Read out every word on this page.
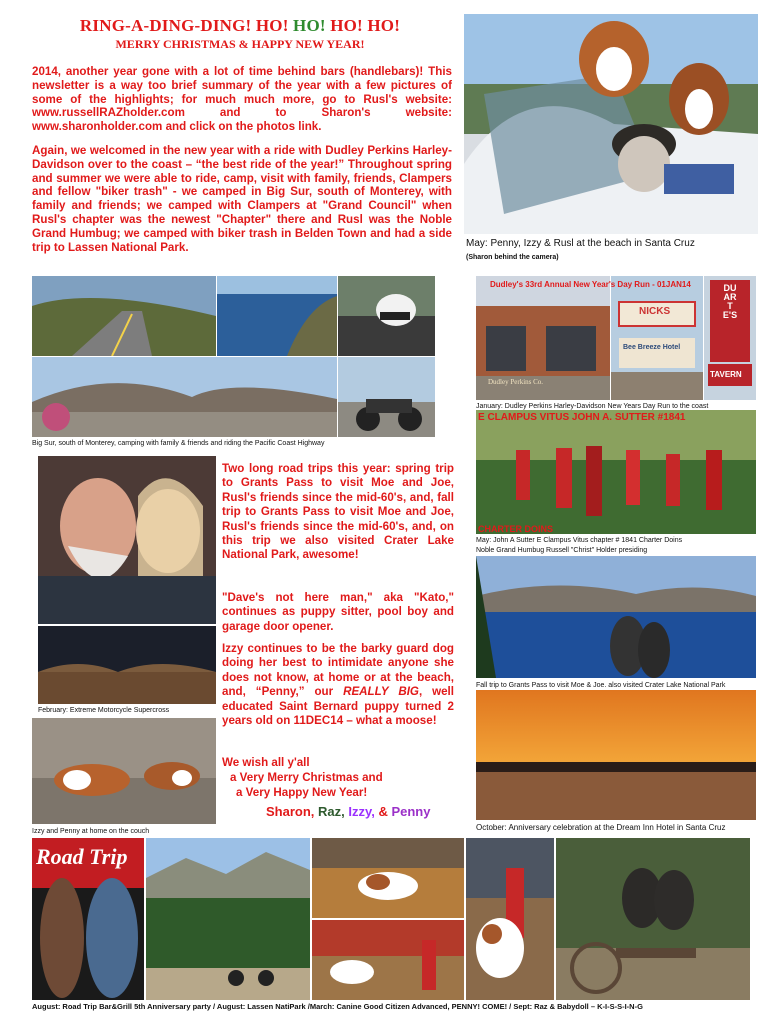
RING-A-DING-DING! HO! HO! HO! HO!
MERRY CHRISTMAS & HAPPY NEW YEAR!
2014, another year gone with a lot of time behind bars (handlebars)! This newsletter is a way too brief summary of the year with a few pictures of some of the highlights; for much much more, go to Rusl's website: www.russellRAZholder.com and to Sharon's website: www.sharonholder.com and click on the photos link.
Again, we welcomed in the new year with a ride with Dudley Perkins Harley-Davidson over to the coast – “the best ride of the year!” Throughout spring and summer we were able to ride, camp, visit with family, friends, Clampers and fellow "biker trash" - we camped in Big Sur, south of Monterey, with family and friends; we camped with Clampers at "Grand Council" when Rusl's chapter was the newest "Chapter" there and Rusl was the Noble Grand Humbug; we camped with biker trash in Belden Town and had a side trip to Lassen National Park.	May: Penny, Izzy & Rusl at the beach in Santa Cruz
(Sharon behind the camera)
Big Sur, south of Monterey, camping with family & friends and riding the Pacific Coast Highway
Dudley Perkins Co.
NICKS
Bee Breeze Hotel
DUARTE'S
TAVERN
Dudley's 33rd Annual New Year's Day Run - 01JAN14
January: Dudley Perkins Harley-Davidson New Years Day Run to the coast
E CLAMPUS VITUS JOHN A. SUTTER #1841
CHARTER DOINS
May: John A Sutter E Clampus Vitus chapter # 1841 Charter Doins
Noble Grand Humbug Russell "Christ" Holder presiding
February: Extreme Motorcycle Supercross
Izzy and Penny at home on the couch
Two long road trips this year: spring trip to Grants Pass to visit Moe and Joe, Rusl's friends since the mid-60's, and, fall trip to Grants Pass to visit Moe and Joe, Rusl's friends since the mid-60's, and, on this trip we also visited Crater Lake National Park, awesome!
"Dave's not here man," aka "Kato," continues as puppy sitter, pool boy and garage door opener.
Izzy continues to be the barky guard dog doing her best to intimidate anyone she does not know, at home or at the beach, and, “Penny,” our REALLY BIG, well educated Saint Bernard puppy turned 2 years old on 11DEC14 – what a moose!
We wish all y'all
a Very Merry Christmas and
a Very Happy New Year!
Sharon, Raz, Izzy, & Penny
Fall trip to Grants Pass to visit Moe & Joe. also visited Crater Lake National Park
October: Anniversary celebration at the Dream Inn Hotel in Santa Cruz
Road Trip
August: Road Trip Bar&Grill 5th Anniversary party / August: Lassen NatiPark /March: Canine Good Citizen Advanced, PENNY! COME! / Sept: Raz & Babydoll – K-I-S-S-I-N-G
